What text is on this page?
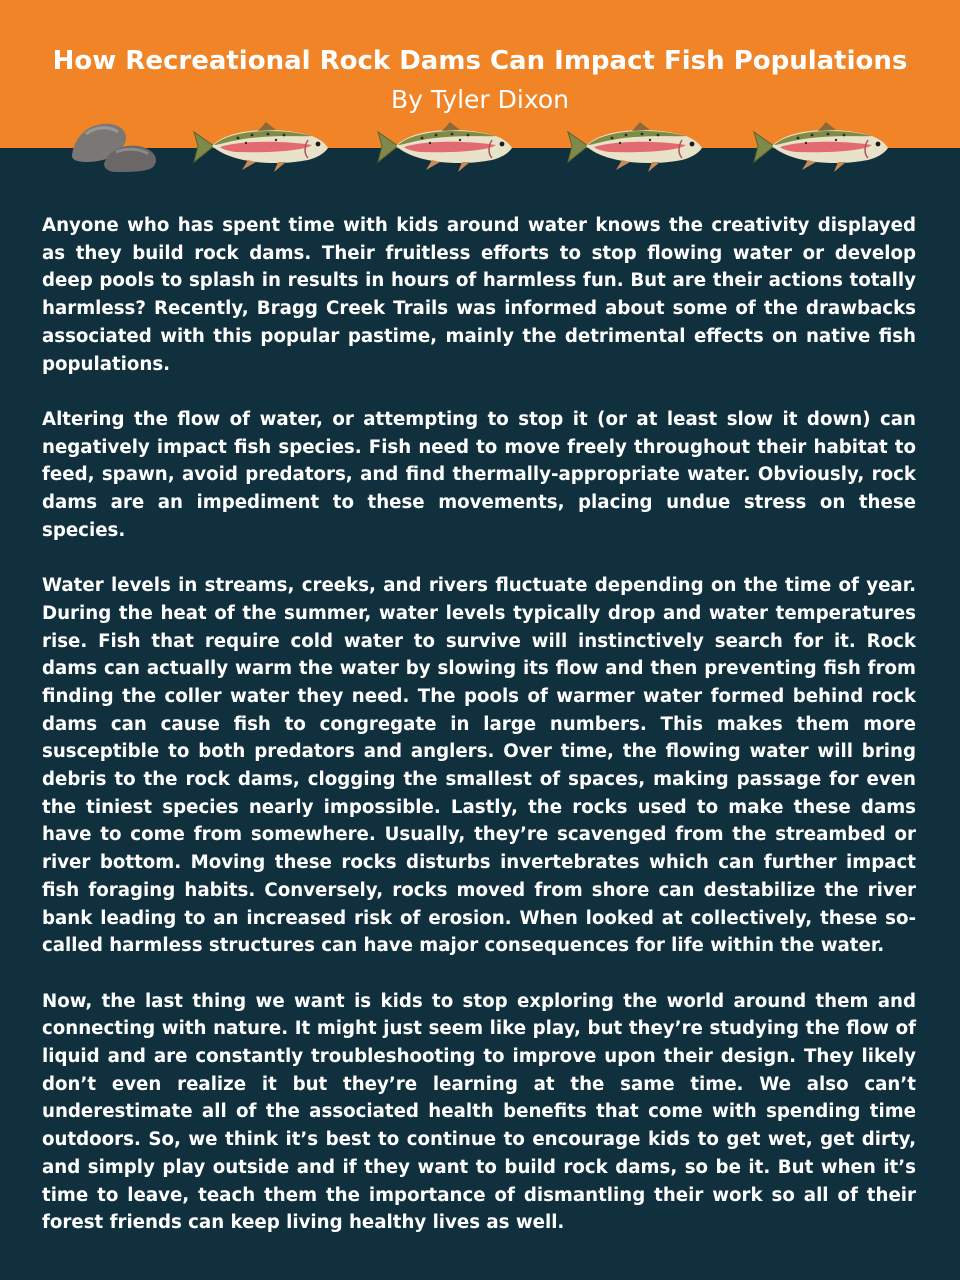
How Recreational Rock Dams Can Impact Fish Populations
By Tyler Dixon

Anyone who has spent time with kids around water knows the creativity displayed as they build rock dams. Their fruitless efforts to stop flowing water or develop deep pools to splash in results in hours of harmless fun. But are their actions totally harmless? Recently, Bragg Creek Trails was informed about some of the drawbacks associated with this popular pastime, mainly the detrimental effects on native fish populations.

Altering the flow of water, or attempting to stop it (or at least slow it down) can negatively impact fish species. Fish need to move freely throughout their habitat to feed, spawn, avoid predators, and find thermally-appropriate water. Obviously, rock dams are an impediment to these movements, placing undue stress on these species.

Water levels in streams, creeks, and rivers fluctuate depending on the time of year. During the heat of the summer, water levels typically drop and water temperatures rise. Fish that require cold water to survive will instinctively search for it. Rock dams can actually warm the water by slowing its flow and then preventing fish from finding the coller water they need. The pools of warmer water formed behind rock dams can cause fish to congregate in large numbers. This makes them more susceptible to both predators and anglers. Over time, the flowing water will bring debris to the rock dams, clogging the smallest of spaces, making passage for even the tiniest species nearly impossible. Lastly, the rocks used to make these dams have to come from somewhere. Usually, they’re scavenged from the streambed or river bottom. Moving these rocks disturbs invertebrates which can further impact fish foraging habits. Conversely, rocks moved from shore can destabilize the river bank leading to an increased risk of erosion. When looked at collectively, these so-called harmless structures can have major consequences for life within the water.

Now, the last thing we want is kids to stop exploring the world around them and connecting with nature. It might just seem like play, but they’re studying the flow of liquid and are constantly troubleshooting to improve upon their design. They likely don’t even realize it but they’re learning at the same time. We also can’t underestimate all of the associated health benefits that come with spending time outdoors. So, we think it’s best to continue to encourage kids to get wet, get dirty, and simply play outside and if they want to build rock dams, so be it. But when it’s time to leave, teach them the importance of dismantling their work so all of their forest friends can keep living healthy lives as well.
